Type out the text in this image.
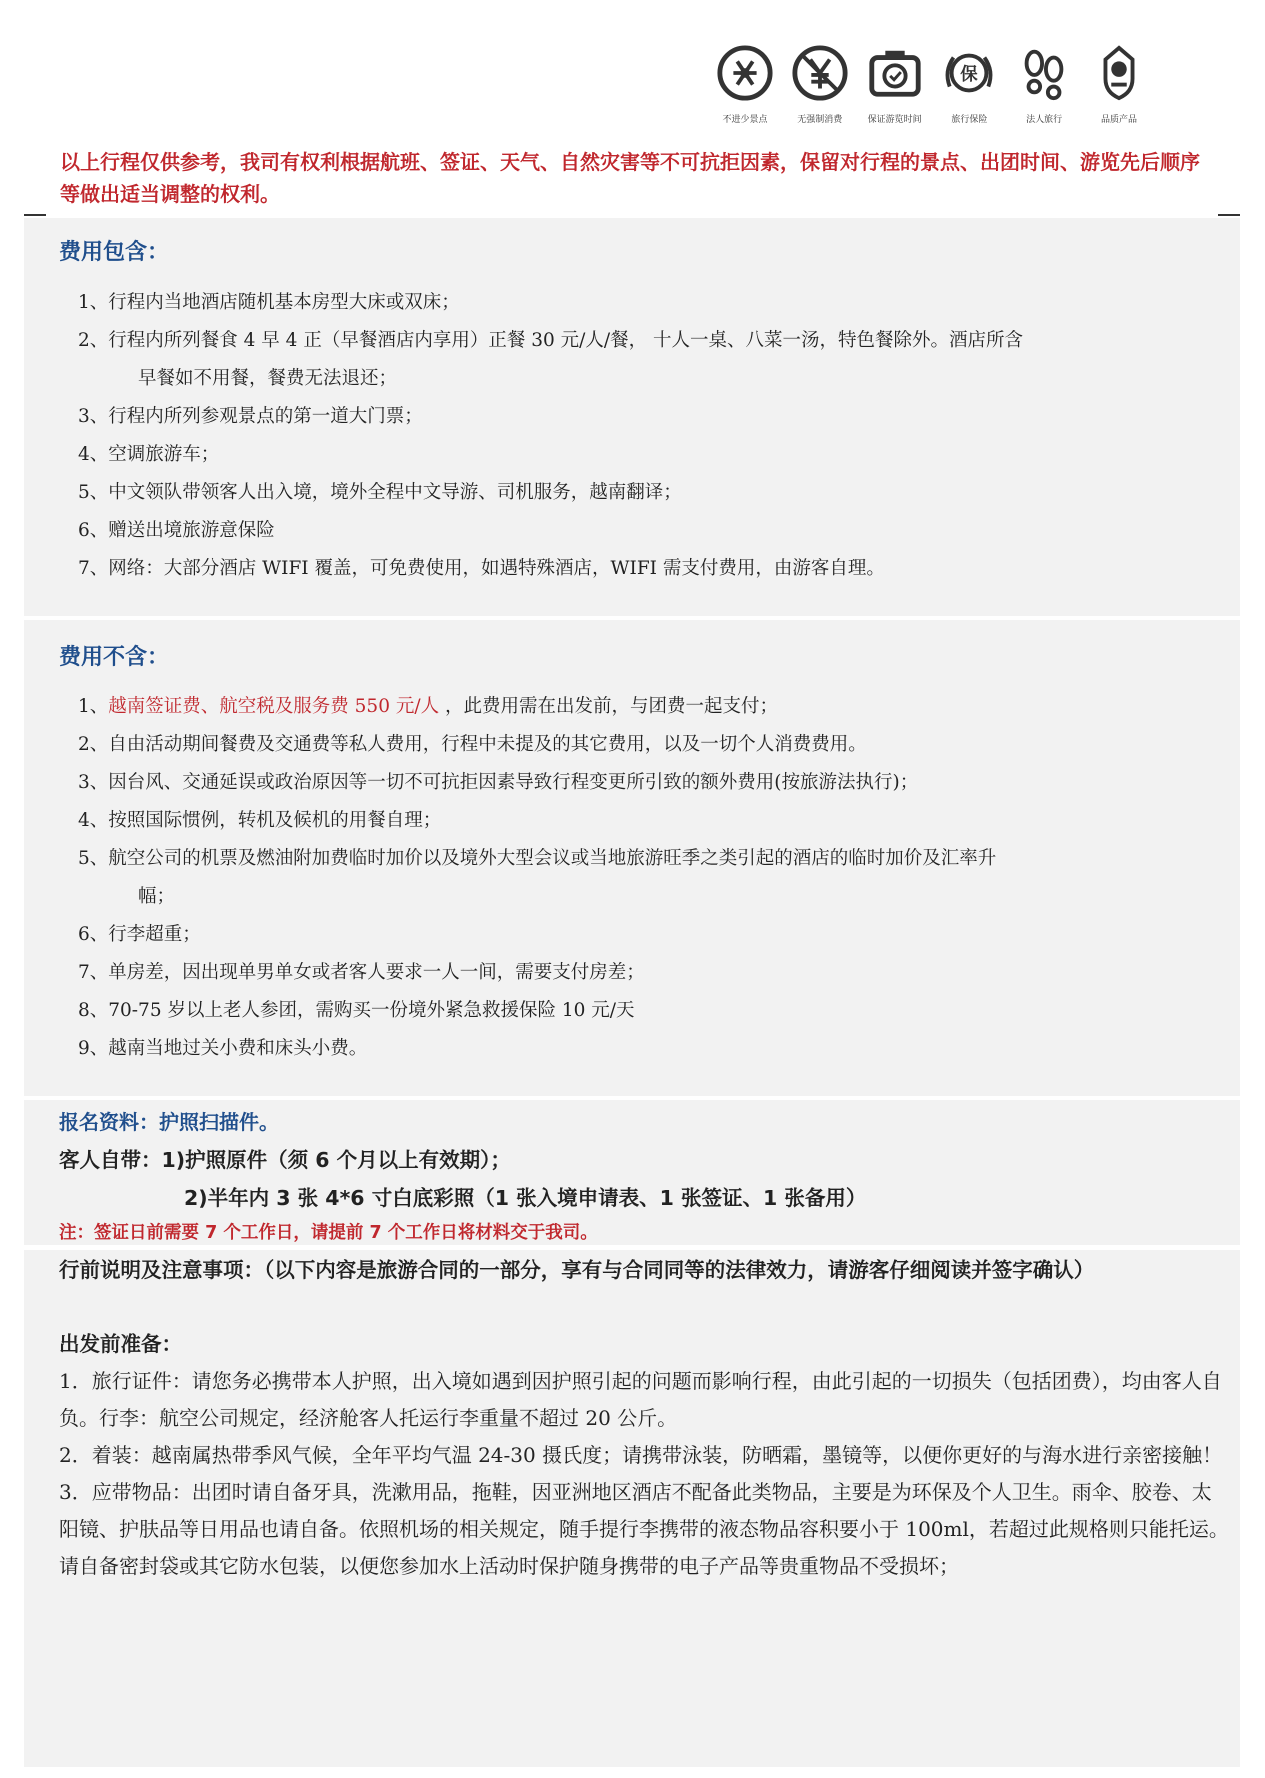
不进少景点	无强制消费	保证游览时间
保
旅行保险	法人旅行	品质产品
以上行程仅供参考，我司有权利根据航班、签证、天气、自然灾害等不可抗拒因素，保留对行程的景点、出团时间、游览先后顺序等做出适当调整的权利。
费用包含：
1、行程内当地酒店随机基本房型大床或双床；
2、行程内所列餐食 4 早 4 正（早餐酒店内享用）正餐 30 元/人/餐， 十人一桌、八菜一汤，特色餐除外。酒店所含
早餐如不用餐，餐费无法退还；
3、行程内所列参观景点的第一道大门票；
4、空调旅游车；
5、中文领队带领客人出入境，境外全程中文导游、司机服务，越南翻译；
6、赠送出境旅游意保险
7、网络：大部分酒店 WIFI 覆盖，可免费使用，如遇特殊酒店，WIFI 需支付费用，由游客自理。
费用不含：
1、越南签证费、航空税及服务费 550 元/人 ，此费用需在出发前，与团费一起支付；
2、自由活动期间餐费及交通费等私人费用，行程中未提及的其它费用，以及一切个人消费费用。
3、因台风、交通延误或政治原因等一切不可抗拒因素导致行程变更所引致的额外费用(按旅游法执行)；
4、按照国际惯例，转机及候机的用餐自理；
5、航空公司的机票及燃油附加费临时加价以及境外大型会议或当地旅游旺季之类引起的酒店的临时加价及汇率升
幅；
6、行李超重；
7、单房差，因出现单男单女或者客人要求一人一间，需要支付房差；
8、70-75 岁以上老人参团，需购买一份境外紧急救援保险 10 元/天
9、越南当地过关小费和床头小费。
报名资料：护照扫描件。
客人自带：1)护照原件（须 6 个月以上有效期）；
2)半年内 3 张 4*6 寸白底彩照（1 张入境申请表、1 张签证、1 张备用）
注：签证日前需要 7 个工作日，请提前 7 个工作日将材料交于我司。
行前说明及注意事项：（以下内容是旅游合同的一部分，享有与合同同等的法律效力，请游客仔细阅读并签字确认）
出发前准备：
1．旅行证件：请您务必携带本人护照，出入境如遇到因护照引起的问题而影响行程，由此引起的一切损失（包括团费），均由客人自负。行李：航空公司规定，经济舱客人托运行李重量不超过 20 公斤。
2．着装：越南属热带季风气候，全年平均气温 24-30 摄氏度；请携带泳装，防晒霜，墨镜等，以便你更好的与海水进行亲密接触！
3．应带物品：出团时请自备牙具，洗漱用品，拖鞋，因亚洲地区酒店不配备此类物品，主要是为环保及个人卫生。雨伞、胶卷、太阳镜、护肤品等日用品也请自备。依照机场的相关规定，随手提行李携带的液态物品容积要小于 100ml，若超过此规格则只能托运。请自备密封袋或其它防水包装，以便您参加水上活动时保护随身携带的电子产品等贵重物品不受损坏；
